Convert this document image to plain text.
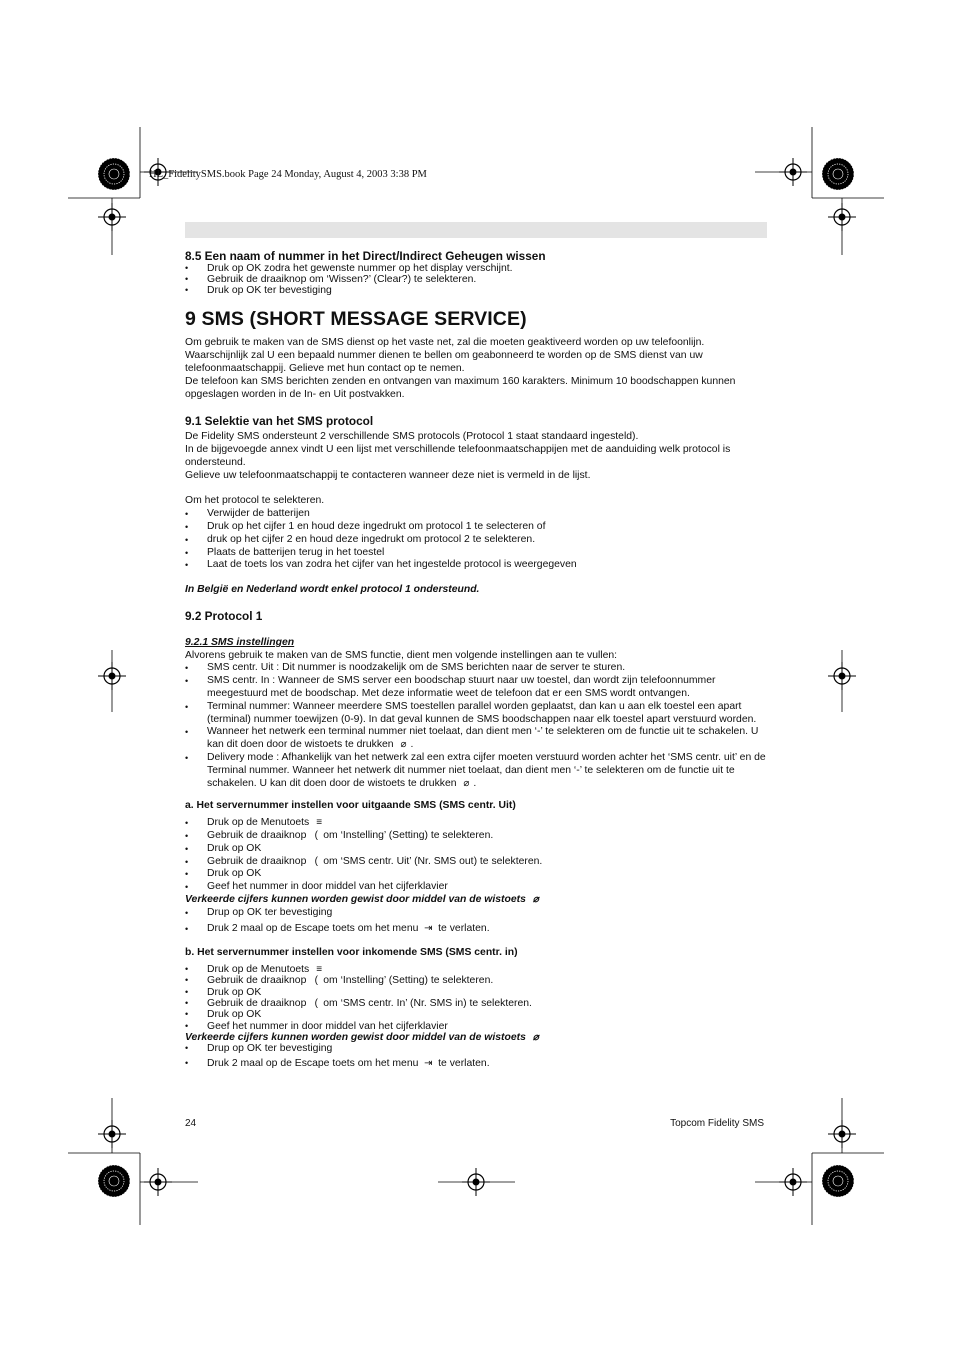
HL_FidelitySMS.book Page 24 Monday, August 4, 2003 3:38 PM
8.5 Een naam of nummer in het Direct/Indirect Geheugen wissen
• Druk op OK zodra het gewenste nummer op het display verschijnt.
• Gebruik de draaiknop om ‘Wissen?’ (Clear?) te selekteren.
• Druk op OK ter bevestiging
9 SMS (SHORT MESSAGE SERVICE)

Om gebruik te maken van de SMS dienst op het vaste net, zal die moeten geaktiveerd worden op uw telefoonlijn.

Waarschijnlijk zal U een bepaald nummer dienen te bellen om geabonneerd te worden op de SMS dienst van uw telefoonmaatschappij. Gelieve met hun contact op te nemen.

De telefoon kan SMS berichten zenden en ontvangen van maximum 160 karakters. Minimum 10 boodschappen kunnen opgeslagen worden in de In- en Uit postvakken.

9.1 Selektie van het SMS protocol

De Fidelity SMS ondersteunt 2 verschillende SMS protocols (Protocol 1 staat standaard ingesteld).

In de bijgevoegde annex vindt U een lijst met verschillende telefoonmaatschappijen met de aanduiding welk protocol is ondersteund.

Gelieve uw telefoonmaatschappij te contacteren wanneer deze niet is vermeld in de lijst.

Om het protocol te selekteren.

• Verwijder de batterijen
• Druk op het cijfer 1 en houd deze ingedrukt om protocol 1 te selecteren of
• druk op het cijfer 2 en houd deze ingedrukt om protocol 2 te selekteren.
• Plaats de batterijen terug in het toestel
• Laat de toets los van zodra het cijfer van het ingestelde protocol is weergegeven

In België en Nederland wordt enkel protocol 1 ondersteund.

9.2 Protocol 1

9.2.1 SMS instellingen

Alvorens gebruik te maken van de SMS functie, dient men volgende instellingen aan te vullen:

• SMS centr. Uit : Dit nummer is noodzakelijk om de SMS berichten naar de server te sturen.
• SMS centr. In : Wanneer de SMS server een boodschap stuurt naar uw toestel, dan wordt zijn telefoonnummer meegestuurd met de boodschap. Met deze informatie weet de telefoon dat er een SMS wordt ontvangen.
• Terminal nummer: Wanneer meerdere SMS toestellen parallel worden geplaatst, dan kan u aan elk toestel een apart (terminal) nummer toewijzen (0-9). In dat geval kunnen de SMS boodschappen naar elk toestel apart verstuurd worden.
• Wanneer het netwerk een terminal nummer niet toelaat, dan dient men ‘-’ te selekteren om de functie uit te schakelen. U kan dit doen door de wistoets te drukken ⌀ .
• Delivery mode : Afhankelijk van het netwerk zal een extra cijfer moeten verstuurd worden achter het ‘SMS centr. uit’ en de Terminal nummer. Wanneer het netwerk dit nummer niet toelaat, dan dient men ‘-’ te selekteren om de functie uit te schakelen. U kan dit doen door de wistoets te drukken ⌀ .
a. Het servernummer instellen voor uitgaande SMS (SMS centr. Uit)
• Druk op de Menutoets ≡
• Gebruik de draaiknop ( om ‘Instelling’ (Setting) te selekteren.
• Druk op OK
• Gebruik de draaiknop ( om ‘SMS centr. Uit’ (Nr. SMS out) te selekteren.
• Druk op OK
• Geef het nummer in door middel van het cijferklavier

Verkeerde cijfers kunnen worden gewist door middel van de wistoets ⌀

• Drup op OK ter bevestiging
• Druk 2 maal op de Escape toets om het menu ⇥ te verlaten.
b. Het servernummer instellen voor inkomende SMS (SMS centr. in)
• Druk op de Menutoets ≡
• Gebruik de draaiknop ( om ‘Instelling’ (Setting) te selekteren.
• Druk op OK
• Gebruik de draaiknop ( om ‘SMS centr. In’ (Nr. SMS in) te selekteren.
• Druk op OK
• Geef het nummer in door middel van het cijferklavier

Verkeerde cijfers kunnen worden gewist door middel van de wistoets ⌀

• Drup op OK ter bevestiging
• Druk 2 maal op de Escape toets om het menu ⇥ te verlaten.
24	Topcom Fidelity SMS
